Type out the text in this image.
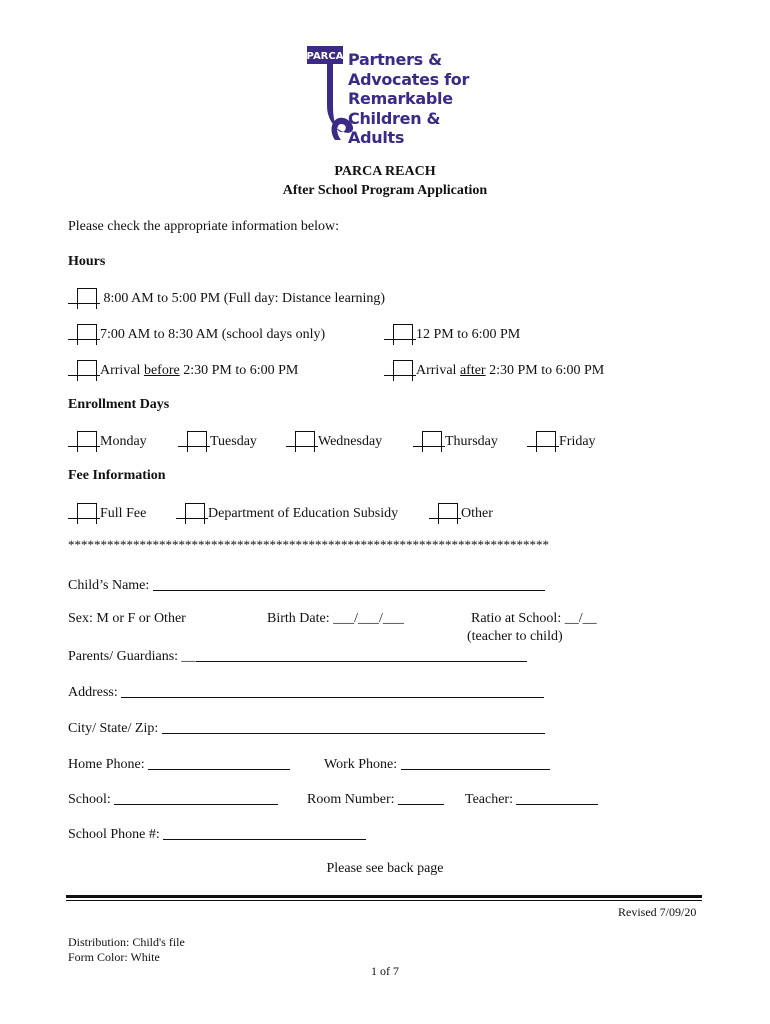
PARCA Partners &
Advocates for
Remarkable
Children &
Adults
PARCA REACH
After School Program Application
Please check the appropriate information below:
Hours
8:00 AM to 5:00 PM (Full day: Distance learning)
7:00 AM to 8:30 AM (school days only)	12 PM to 6:00 PM
Arrival before 2:30 PM to 6:00 PM	Arrival after 2:30 PM to 6:00 PM
Enrollment Days
Monday	Tuesday	Wednesday	Thursday	Friday
Fee Information
Full Fee	Department of Education Subsidy	Other
**************************************************************************
Child’s Name:
Sex: M or F or Other	Birth Date: ___/___/___	Ratio at School: __/__
(teacher to child)
Parents/ Guardians: __
Address:
City/ State/ Zip:
Home Phone:	Work Phone:
School:	Room Number:	Teacher:
School Phone #:
Please see back page
Revised 7/09/20
Distribution: Child's file
Form Color: White
1 of 7
